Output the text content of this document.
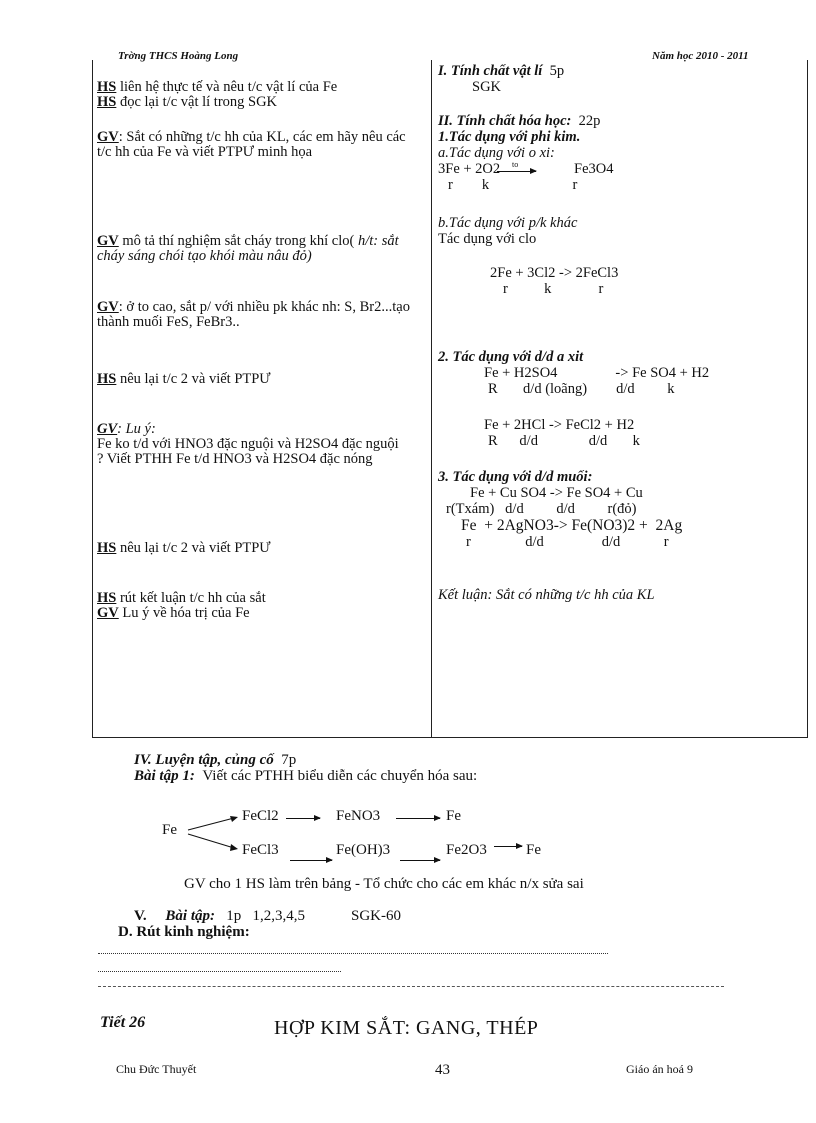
Trờng THCS Hoàng Long	Năm học 2010 - 2011
HS liên hệ thực tế và nêu t/c vật lí của Fe
HS đọc lại t/c vật lí trong SGK
GV: Sắt có những t/c hh của KL, các em hãy nêu các t/c hh của Fe và viết PTPƯ minh họa
GV mô tả thí nghiệm sắt cháy trong khí clo( h/t: sắt cháy sáng chói tạo khói màu nâu đỏ)
GV: ở to cao, sắt p/ với nhiều pk khác nh: S, Br2...tạo thành muối FeS, FeBr3..
HS nêu lại t/c 2 và viết PTPƯ
GV: Lu ý:
Fe ko t/d với HNO3 đặc nguội và H2SO4 đặc nguội
? Viết PTHH Fe t/d HNO3 và H2SO4 đặc nóng
HS nêu lại t/c 2 và viết PTPƯ
HS rút kết luận t/c hh của sắt
GV Lu ý về hóa trị của Fe
I. Tính chất vật lí 5p
SGK
II. Tính chất hóa học: 22p
1.Tác dụng với phi kim.
a.Tác dụng với o xi:
3Fe + 2O2 to	Fe3O4
r        k                       r
b.Tác dụng với p/k khác
Tác dụng với clo
2Fe + 3Cl2 -> 2FeCl3
r          k             r
2. Tác dụng với d/d a xit
Fe + H2SO4                -> Fe SO4 + H2
R       d/d (loãng)        d/d         k
Fe + 2HCl -> FeCl2 + H2
R      d/d              d/d       k
3. Tác dụng với d/d muối:
Fe + Cu SO4 -> Fe SO4 + Cu
r(Txám)   d/d         d/d         r(đỏ)
Fe  + 2AgNO3-> Fe(NO3)2 +  2Ag
r               d/d                d/d            r
Kết luận: Sắt có những t/c hh của KL
IV. Luyện tập, củng cố 7p
Bài tập 1: Viết các PTHH biểu diễn các chuyển hóa sau:
Fe
FeCl2	FeNO3	Fe
FeCl3	Fe(OH)3	Fe2O3	Fe
GV cho 1 HS làm trên bảng - Tổ chức cho các em khác n/x sửa sai
V. Bài tập: 1p 1,2,3,4,5	SGK-60
D. Rút kinh nghiệm:
Tiết 26	HỢP KIM SẮT: GANG, THÉP
Chu Đức Thuyết	43	Giáo án hoá 9
